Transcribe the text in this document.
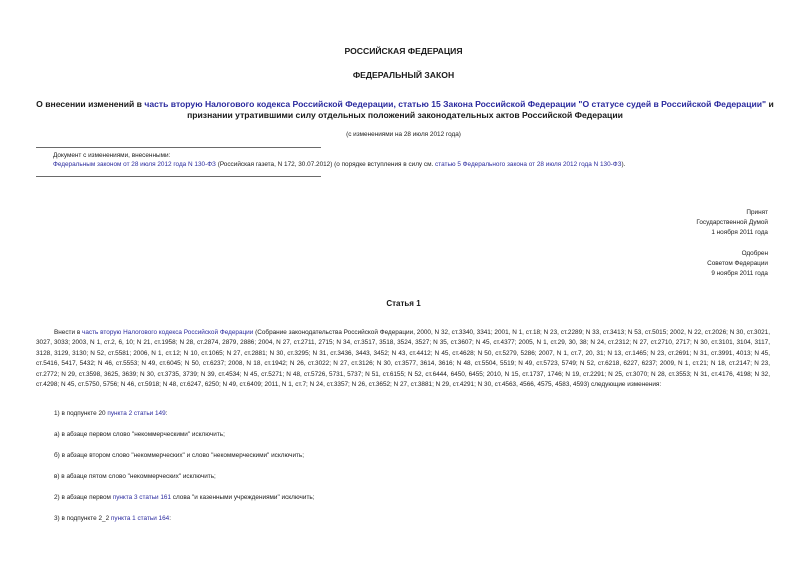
РОССИЙСКАЯ ФЕДЕРАЦИЯ
ФЕДЕРАЛЬНЫЙ ЗАКОН
О внесении изменений в часть вторую Налогового кодекса Российской Федерации, статью 15 Закона Российской Федерации "О статусе судей в Российской Федерации" и признании утратившими силу отдельных положений законодательных актов Российской Федерации
(с изменениями на 28 июля 2012 года)
Документ с изменениями, внесенными:
Федеральным законом от 28 июля 2012 года N 130-ФЗ (Российская газета, N 172, 30.07.2012) (о порядке вступления в силу см. статью 5 Федерального закона от 28 июля 2012 года N 130-ФЗ).
Принят
Государственной Думой
1 ноября 2011 года
Одобрен
Советом Федерации
9 ноября 2011 года
Статья 1
Внести в часть вторую Налогового кодекса Российской Федерации (Собрание законодательства Российской Федерации, 2000, N 32, ст.3340, 3341; 2001, N 1, ст.18; N 23, ст.2289; N 33, ст.3413; N 53, ст.5015; 2002, N 22, ст.2026; N 30, ст.3021, 3027, 3033; 2003, N 1, ст.2, 6, 10; N 21, ст.1958; N 28, ст.2874, 2879, 2886; 2004, N 27, ст.2711, 2715; N 34, ст.3517, 3518, 3524, 3527; N 35, ст.3607; N 45, ст.4377; 2005, N 1, ст.29, 30, 38; N 24, ст.2312; N 27, ст.2710, 2717; N 30, ст.3101, 3104, 3117, 3128, 3129, 3130; N 52, ст.5581; 2006, N 1, ст.12; N 10, ст.1065; N 27, ст.2881; N 30, ст.3295; N 31, ст.3436, 3443, 3452; N 43, ст.4412; N 45, ст.4628; N 50, ст.5279, 5286; 2007, N 1, ст.7, 20, 31; N 13, ст.1465; N 23, ст.2691; N 31, ст.3991, 4013; N 45, ст.5416, 5417, 5432; N 46, ст.5553; N 49, ст.6045; N 50, ст.6237; 2008, N 18, ст.1942; N 26, ст.3022; N 27, ст.3126; N 30, ст.3577, 3614, 3616; N 48, ст.5504, 5519; N 49, ст.5723, 5749; N 52, ст.6218, 6227, 6237; 2009, N 1, ст.21; N 18, ст.2147; N 23, ст.2772; N 29, ст.3598, 3625, 3639; N 30, ст.3735, 3739; N 39, ст.4534; N 45, ст.5271; N 48, ст.5726, 5731, 5737; N 51, ст.6155; N 52, ст.6444, 6450, 6455; 2010, N 15, ст.1737, 1746; N 19, ст.2291; N 25, ст.3070; N 28, ст.3553; N 31, ст.4176, 4198; N 32, ст.4298; N 45, ст.5750, 5756; N 46, ст.5918; N 48, ст.6247, 6250; N 49, ст.6409; 2011, N 1, ст.7; N 24, ст.3357; N 26, ст.3652; N 27, ст.3881; N 29, ст.4291; N 30, ст.4563, 4566, 4575, 4583, 4593) следующие изменения:
1) в подпункте 20 пункта 2 статьи 149:
а) в абзаце первом слово "некоммерческими" исключить;
б) в абзаце втором слово "некоммерческих" и слово "некоммерческими" исключить;
в) в абзаце пятом слово "некоммерческих" исключить;
2) в абзаце первом пункта 3 статьи 161 слова "и казенными учреждениями" исключить;
3) в подпункте 2_2 пункта 1 статьи 164:
